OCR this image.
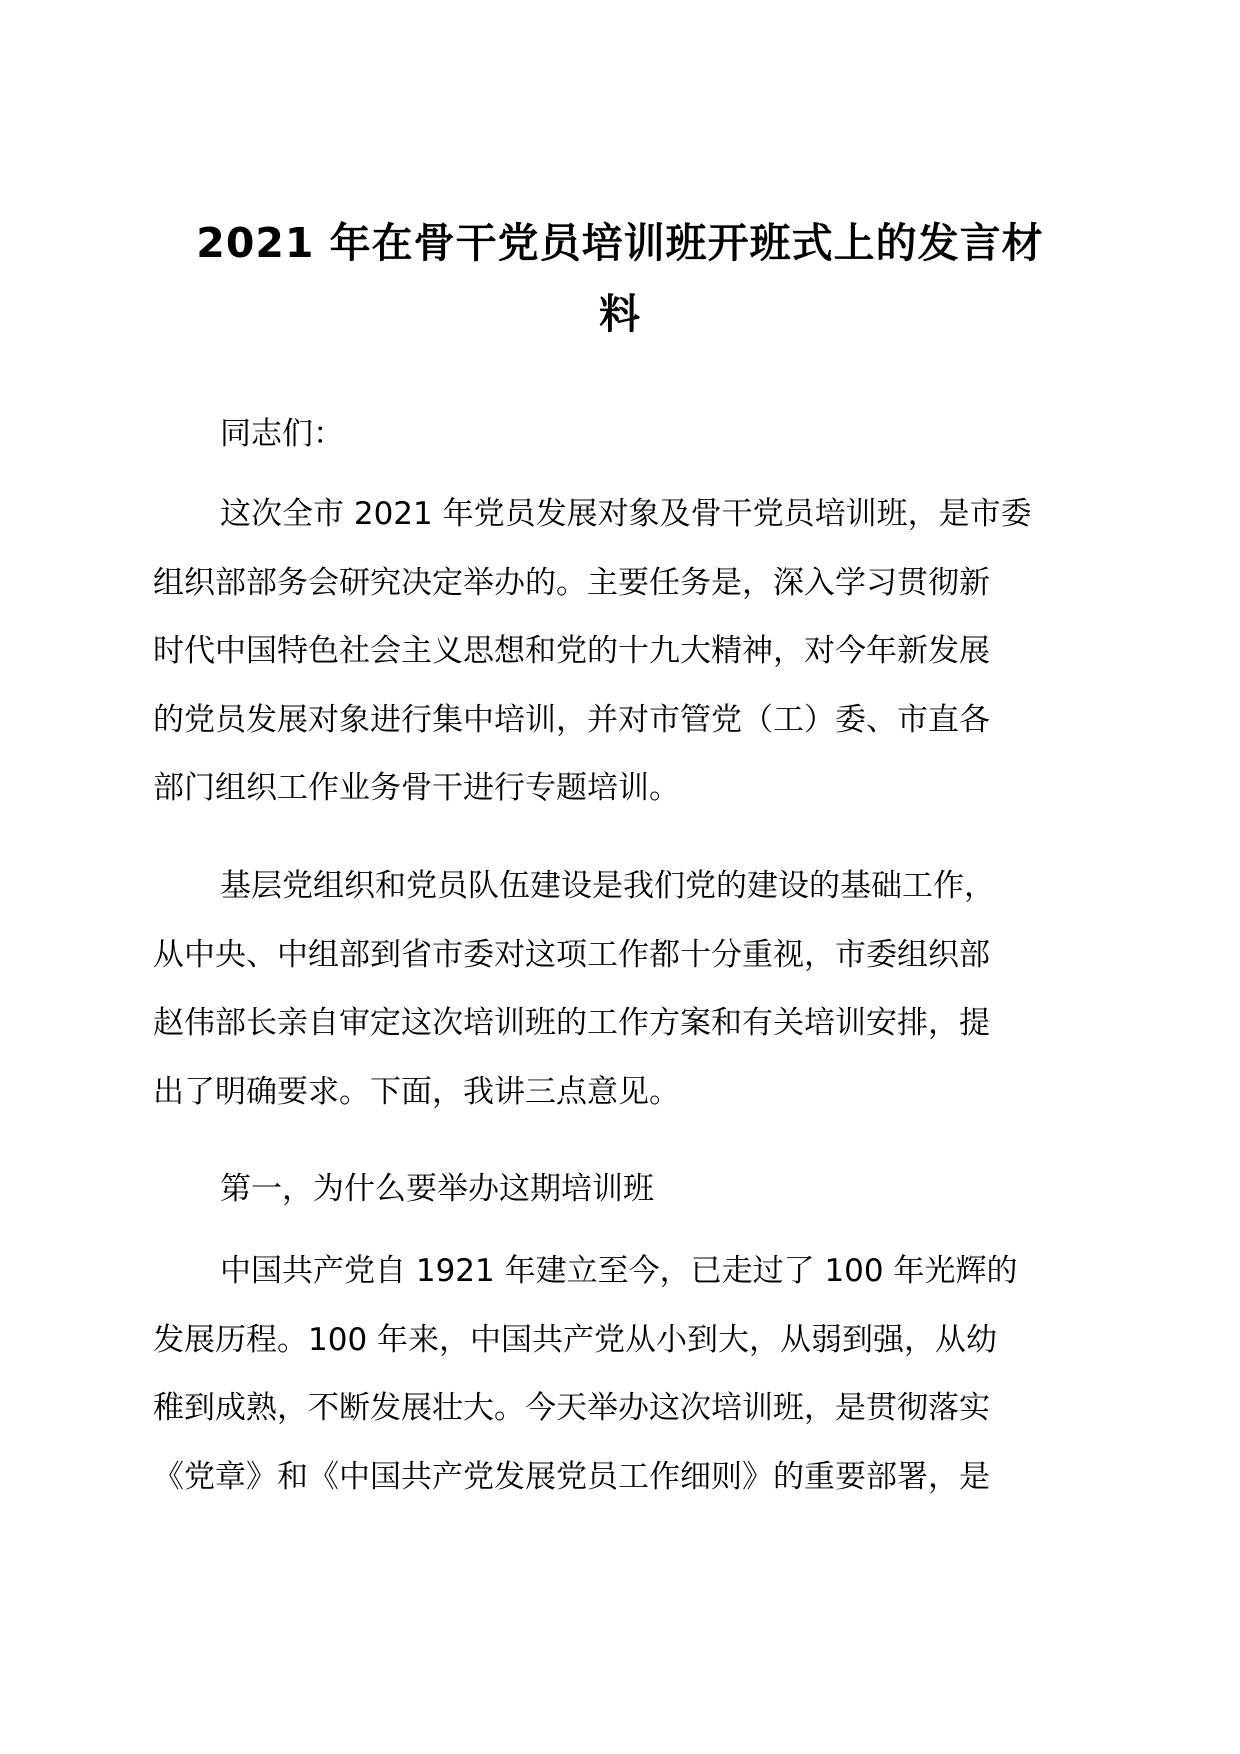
2021 年在骨干党员培训班开班式上的发言材
料
同志们：
这次全市 2021 年党员发展对象及骨干党员培训班，是市委
组织部部务会研究决定举办的。主要任务是，深入学习贯彻新
时代中国特色社会主义思想和党的十九大精神，对今年新发展
的党员发展对象进行集中培训，并对市管党（工）委、市直各
部门组织工作业务骨干进行专题培训。
基层党组织和党员队伍建设是我们党的建设的基础工作，
从中央、中组部到省市委对这项工作都十分重视，市委组织部
赵伟部长亲自审定这次培训班的工作方案和有关培训安排，提
出了明确要求。下面，我讲三点意见。
第一，为什么要举办这期培训班
中国共产党自 1921 年建立至今，已走过了 100 年光辉的
发展历程。100 年来，中国共产党从小到大，从弱到强，从幼
稚到成熟，不断发展壮大。今天举办这次培训班，是贯彻落实
《党章》和《中国共产党发展党员工作细则》的重要部署，是
